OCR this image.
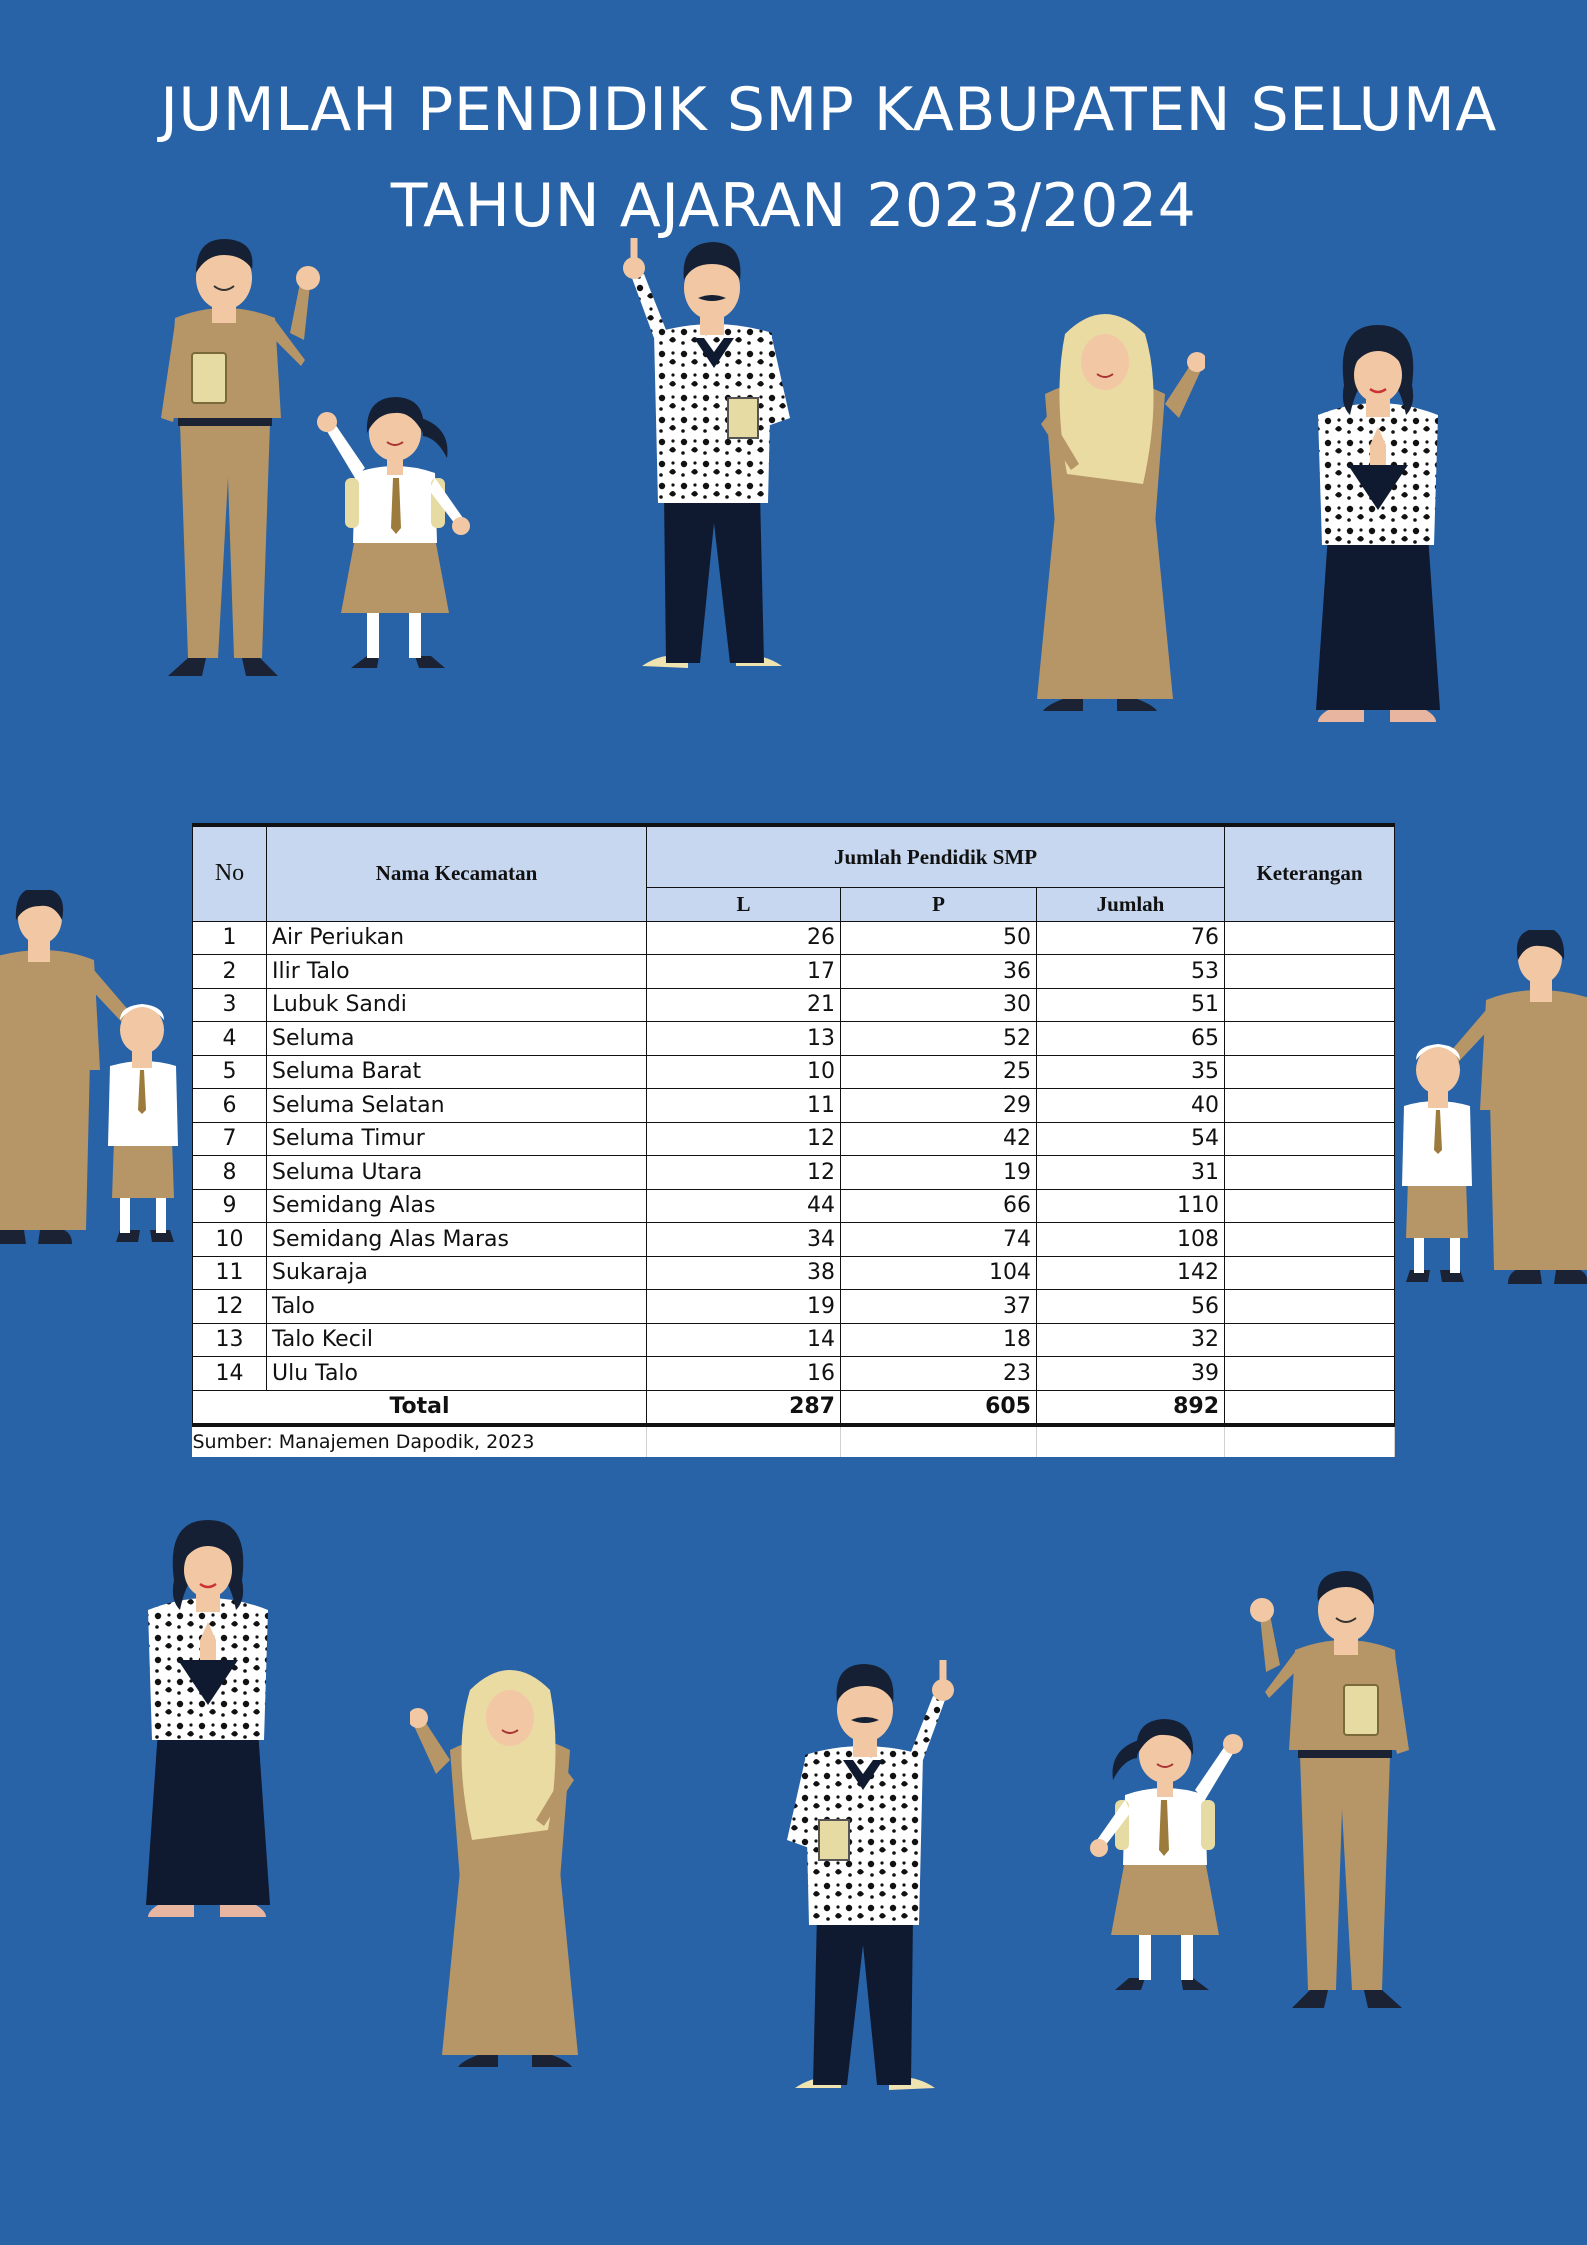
JUMLAH PENDIDIK SMP KABUPATEN SELUMA
TAHUN AJARAN 2023/2024
No	Nama Kecamatan	Jumlah Pendidik SMP			Keterangan
		L	P	Jumlah	
1	Air Periukan	26	50	76	
2	Ilir Talo	17	36	53	
3	Lubuk Sandi	21	30	51	
4	Seluma	13	52	65	
5	Seluma Barat	10	25	35	
6	Seluma Selatan	11	29	40	
7	Seluma Timur	12	42	54	
8	Seluma Utara	12	19	31	
9	Semidang Alas	44	66	110	
10	Semidang Alas Maras	34	74	108	
11	Sukaraja	38	104	142	
12	Talo	19	37	56	
13	Talo Kecil	14	18	32	
14	Ulu Talo	16	23	39	
Total		287	605	892	
Sumber: Manajemen Dapodik, 2023					
